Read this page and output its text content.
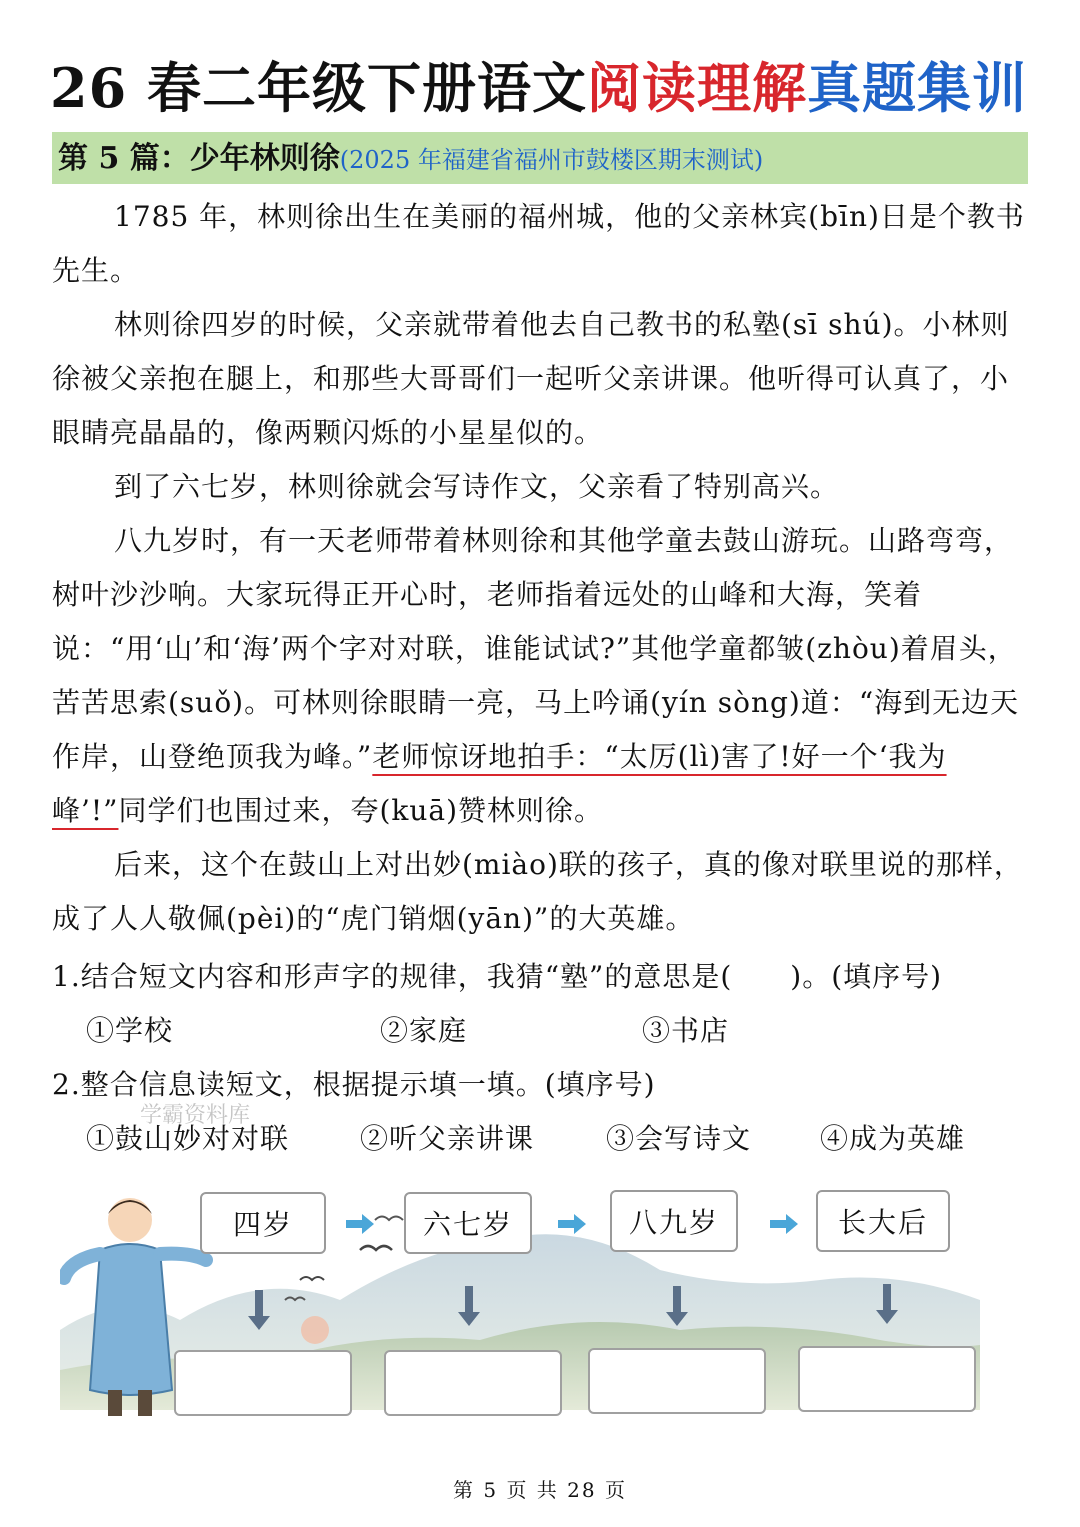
26 春二年级下册语文阅读理解真题集训
第 5 篇：少年林则徐(2025 年福建省福州市鼓楼区期末测试)

1785 年，林则徐出生在美丽的福州城，他的父亲林宾(bīn)日是个教书先生。

林则徐四岁的时候，父亲就带着他去自己教书的私塾(sī shú)。小林则徐被父亲抱在腿上，和那些大哥哥们一起听父亲讲课。他听得可认真了，小眼睛亮晶晶的，像两颗闪烁的小星星似的。

到了六七岁，林则徐就会写诗作文，父亲看了特别高兴。

八九岁时，有一天老师带着林则徐和其他学童去鼓山游玩。山路弯弯，树叶沙沙响。大家玩得正开心时，老师指着远处的山峰和大海，笑着说：“用‘山’和‘海’两个字对对联，谁能试试?”其他学童都皱(zhòu)着眉头，苦苦思索(suǒ)。可林则徐眼睛一亮，马上吟诵(yín sòng)道：“海到无边天作岸，山登绝顶我为峰。”老师惊讶地拍手：“太厉(lì)害了!好一个‘我为峰’!”同学们也围过来，夸(kuā)赞林则徐。

后来，这个在鼓山上对出妙(miào)联的孩子，真的像对联里说的那样，成了人人敬佩(pèi)的“虎门销烟(yān)”的大英雄。

1.结合短文内容和形声字的规律，我猜“塾”的意思是(　　)。(填序号)
①学校	②家庭	③书店
2.整合信息读短文，根据提示填一填。(填序号)
学霸资料库
①鼓山妙对对联	②听父亲讲课	③会写诗文 ④成为英雄
四岁	六七岁	八九岁	长大后
第 5 页 共 28 页
